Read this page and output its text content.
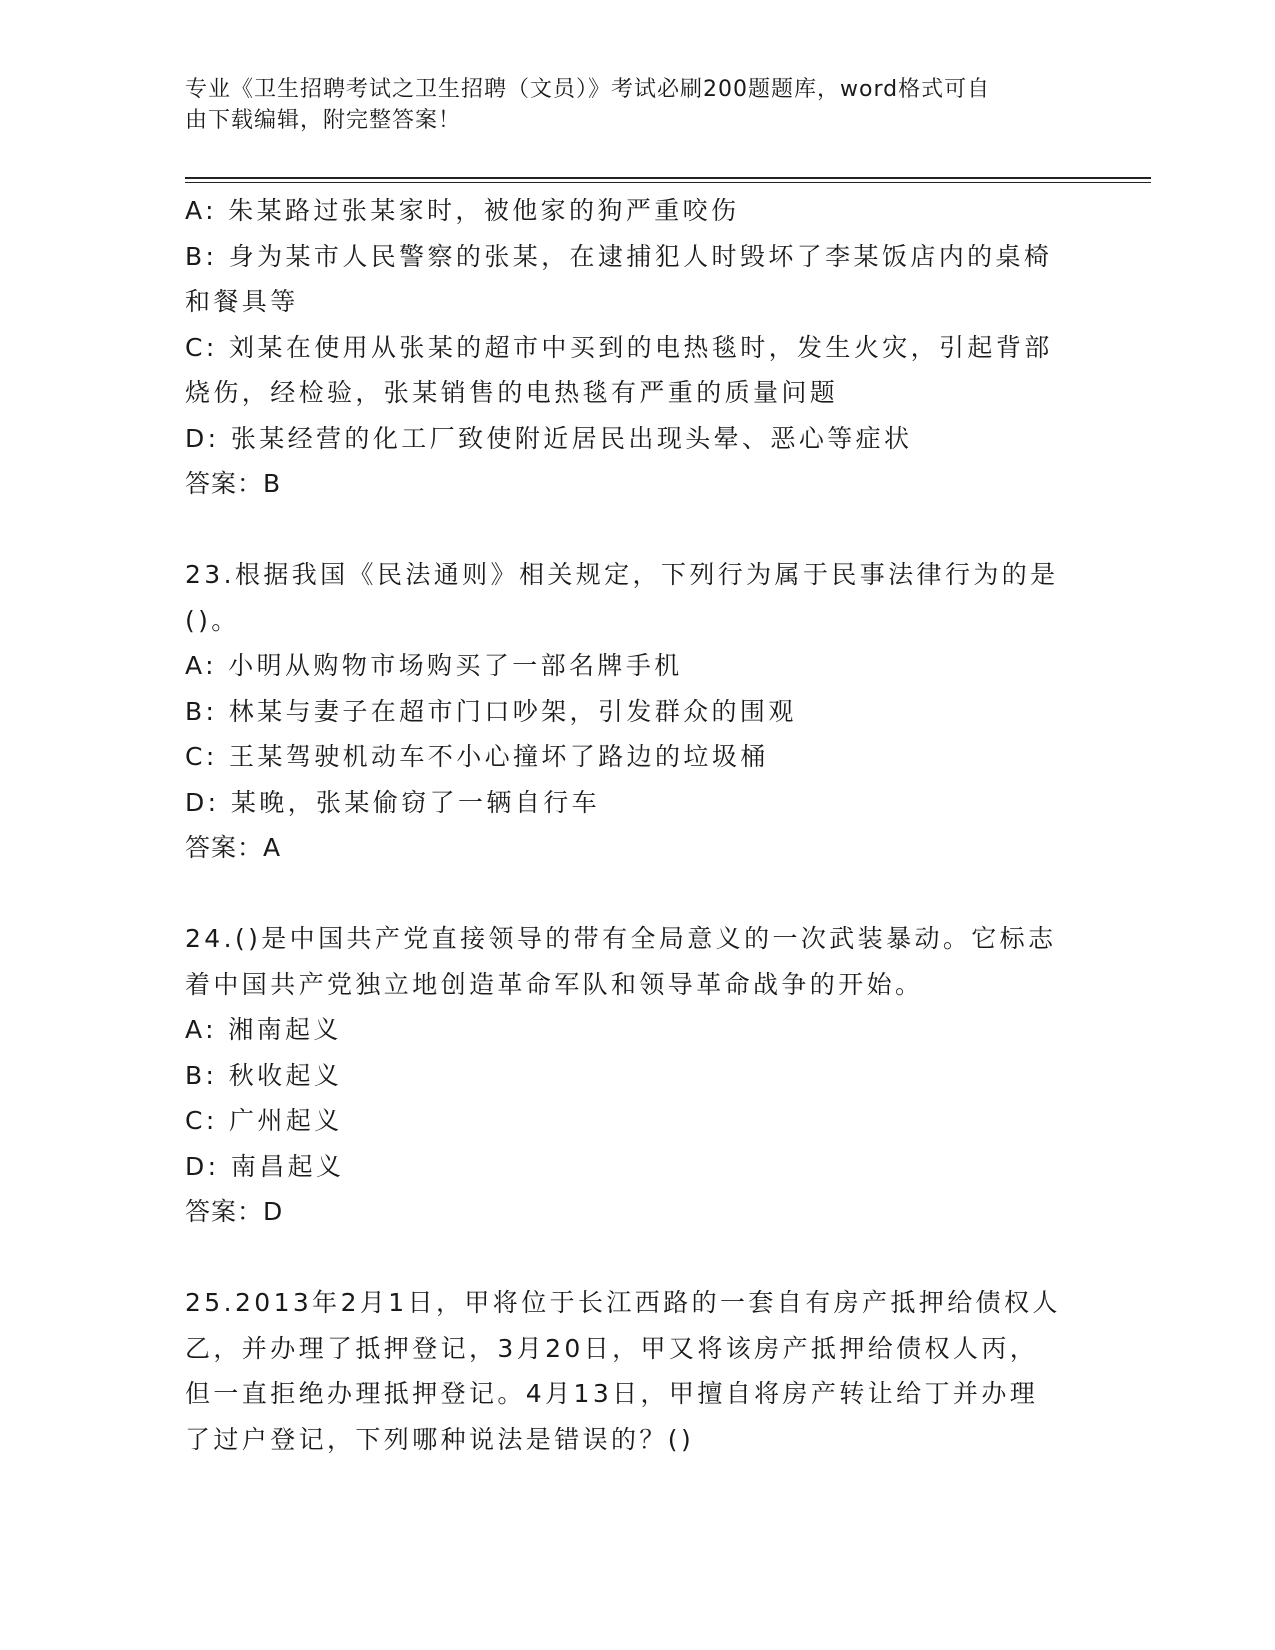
专业《卫生招聘考试之卫生招聘（文员）》考试必刷200题题库，word格式可自
由下载编辑，附完整答案！
A: 朱某路过张某家时，被他家的狗严重咬伤
B: 身为某市人民警察的张某，在逮捕犯人时毁坏了李某饭店内的桌椅
和餐具等
C: 刘某在使用从张某的超市中买到的电热毯时，发生火灾，引起背部
烧伤，经检验，张某销售的电热毯有严重的质量问题
D: 张某经营的化工厂致使附近居民出现头晕、恶心等症状
答案：B
23.根据我国《民法通则》相关规定，下列行为属于民事法律行为的是
()。
A: 小明从购物市场购买了一部名牌手机
B: 林某与妻子在超市门口吵架，引发群众的围观
C: 王某驾驶机动车不小心撞坏了路边的垃圾桶
D: 某晚，张某偷窃了一辆自行车
答案：A
24.()是中国共产党直接领导的带有全局意义的一次武装暴动。它标志
着中国共产党独立地创造革命军队和领导革命战争的开始。
A: 湘南起义
B: 秋收起义
C: 广州起义
D: 南昌起义
答案：D
25.2013年2月1日，甲将位于长江西路的一套自有房产抵押给债权人
乙，并办理了抵押登记，3月20日，甲又将该房产抵押给债权人丙，
但一直拒绝办理抵押登记。4月13日，甲擅自将房产转让给丁并办理
了过户登记，下列哪种说法是错误的？()
